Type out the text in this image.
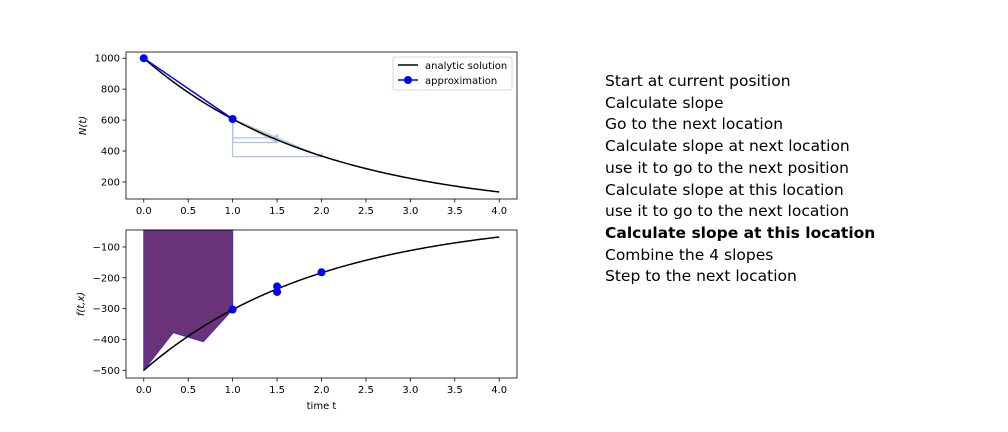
0.0	0.5	1.0	1.5	2.0	2.5	3.0	3.5	4.0
200
400
600
800
1000
N(t)
analytic solution
approximation
0.0	0.5	1.0	1.5	2.0	2.5	3.0	3.5	4.0
−100
−200
−300
−400
−500
f(t,x)
time t
Start at current position
Calculate slope
Go to the next location
Calculate slope at next location
use it to go to the next position
Calculate slope at this location
use it to go to the next location
Calculate slope at this location
Combine the 4 slopes
Step to the next location
